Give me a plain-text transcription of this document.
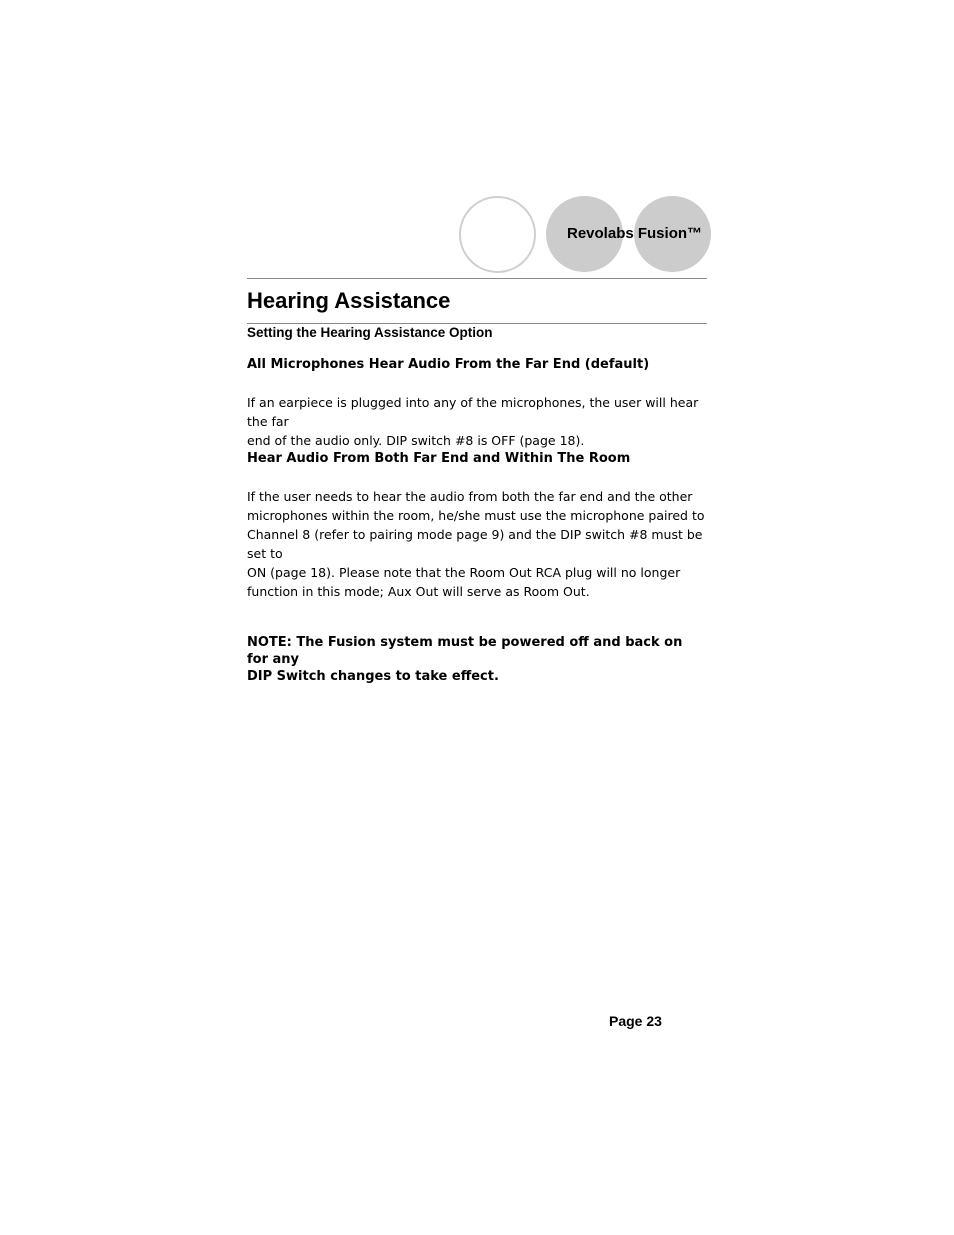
Revolabs Fusion™
Hearing Assistance
Setting the Hearing Assistance Option
All Microphones Hear Audio From the Far End (default)

If an earpiece is plugged into any of the microphones, the user will hear the far
end of the audio only. DIP switch #8 is OFF (page 18).

Hear Audio From Both Far End and Within The Room

If the user needs to hear the audio from both the far end and the other
microphones within the room, he/she must use the microphone paired to
Channel 8 (refer to pairing mode page 9) and the DIP switch #8 must be set to
ON (page 18). Please note that the Room Out RCA plug will no longer
function in this mode; Aux Out will serve as Room Out.

NOTE: The Fusion system must be powered off and back on for any
DIP Switch changes to take effect.

Page 23
